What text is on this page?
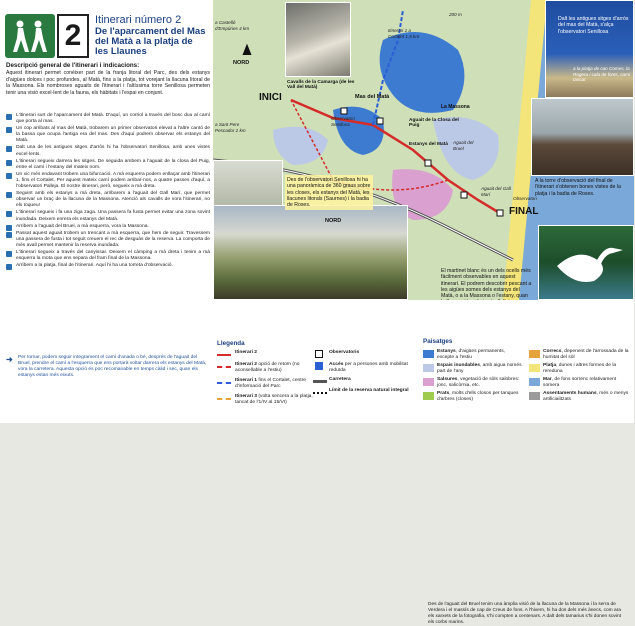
2	Itinerari número 2
De l'aparcament del Mas del Matà a la platja de les Llaunes
Descripció general de l'itinerari i indicacions:
Aquest itinerari permet conèixer part de la franja litoral del Parc, des dels estanys d'aigües dolces i poc profundes, al Matà, fins a la platja, tot vorejant la llacuna litoral de la Massona. Els nombroses aguaits de l'itinerari i l'altíssima torre Senillosa permeten tenir una visió excel·lent de la fauna, els hàbitats i l'espai en conjunt.
L'itinerari surt de l'aparcament del Matà. D'aquí, un corriol a través del bosc duu al camí que porta al mas.
Un cop arribats al mas del Matà, trobarem un primer observatori elevat a l'altre cantó de la bassa que ocupa l'antiga era del mas. Des d'aquí podrem observar els estanys del Matà.
Dalt una de les antigues sitges d'arròs hi ha l'observatori Senillosa, amb unes vistes excel·lents.
L'itinerari segueix darrera les sitges. De seguida ambem a l'aguait de la closa del Puig, entre el camí i l'estany del mateix nom.
Un xic més endavant trobem una bifurcació. A mà esquerra podem enllaçar amb l'itinerari 1, fins el Cortalet. Per aquest mateix camí podem arribar-nos, a quatre passes d'aquí, a l'observatori Palleja. El nostre itinerari, però, segueix a mà dreta.
Seguint amb els estanys a mà dreta, arribarem a l'aguait del Gall Marí, que permet observar un braç de la llacuna de la Massona. Atenció als cavalls de vora l'itinerari, no els toqueu!
L'itinerari segueix i fa una ziga zaga. Una passera fa fusta permet evitar una zona sovint inundada. Deixem enrera els estanys del Matà.
Arribem a l'aguait del Bruel, a mà esquerra, vora la Massona.
Passat aquest aguait trobem un trencant a mà esquerra, que hem de seguir. Travessem una passera de fusta i tot seguit creuem el rec de desguàs de la reserva. La comporta de més avall permet mantenir la reserva inundada.
L'itinerari segueix a través del canyissar. Deixem el càmping a mà dreta i tenim a mà esquerra la mota que ens separa del fram final de la Massona.
Arribem a la platja, final de l'itinerari. Aquí hi ha una torreta d'observació.
➜ Per tornar, podem seguir integrament el camí d'anada o bé, després de l'aguait del Bruel, prendre el camí a l'esquerra que ens portarà voltar darrera els estanys del Matà, vora la carretera. Aquesta opció és poc recomanable en temps càlid i sec, quan els estanys estan més eixuts.
Dalt les antigues sitges d'arròs del mas del Matà, s'alça l'observatori Senillosa
A la torre d'observació del final de l'itinerari s'obtenen bones vistes de la platja i la badia de Roses.
Des de l'observatori Senillosa hi ha una panoràmica de 360 graus sobre les closes, els estanys del Matà, les llacunes litorals (Saurnes) i la badia de Roses.
El martinet blanc és un dels ocells més fàcilment observables en aquest itinerari. El podrem descobrir pescant a les aigües somes dels estanys del Matà, o a la Massona o l'estany, quan
INICI
FINAL
NORD
NORD
Mas del Matà
Cavalls de la Camarga (de les Vall del Matà)
Aguait de la Closa del Puig
Estanys del Matà
La Massona
a Castelló d'Empúries 4 km
a Sant Pere Pescador 2 km
Itinerari 1 a Cortalet 1,5 km
Aguait del Bruel
Aguait del Gall Marí
Observatori Senillosa
Observatori
200 m
a la platja de can Comes, la Rogera i cala de fonts, camí tancat
Des de l'aguait del Bruel tenim una àmplia visió de la llacuna de la Massona i la serra de Verdera i el massís de cap de Creus de fons. A l'hivern, hi ha dos dels més ànecs, com ara els xarxets de la fotografia, s'hi compten a centenars. A dalt dels tamarius s'hi donen sovint els corbs marins.
Llegenda
Itinerari 2
Itinerari 2 opció de retorn (no aconsellable a l'estiu)
Itinerari 1 fins el Cortalet, centre d'informació del Parc
Itinerari 3 (volta sencera a la platja, tancat de l'1/IV al 15/VI)
Observatoris
Accés per a persones amb mobilitat reduïda
Carretera
Límit de la reserva natural integral
Paisatges
Estanys, d'aigües permanents, excepte a l'estiu
Espais inundables, amb aigua només part de l'any
Salsures, vegetació de sòls salobres: jonc, salicòrnia, etc.
Prats, molts d'ells closos per tanques d'arbres (closes)
Correcs, depenent de l'arrossada de la humitat del sòl
Platja, dunes i altres formes de la rereduna
Mar, de fons sorrenc relativament somera
Assentaments humans, més o menys artificialitzats
